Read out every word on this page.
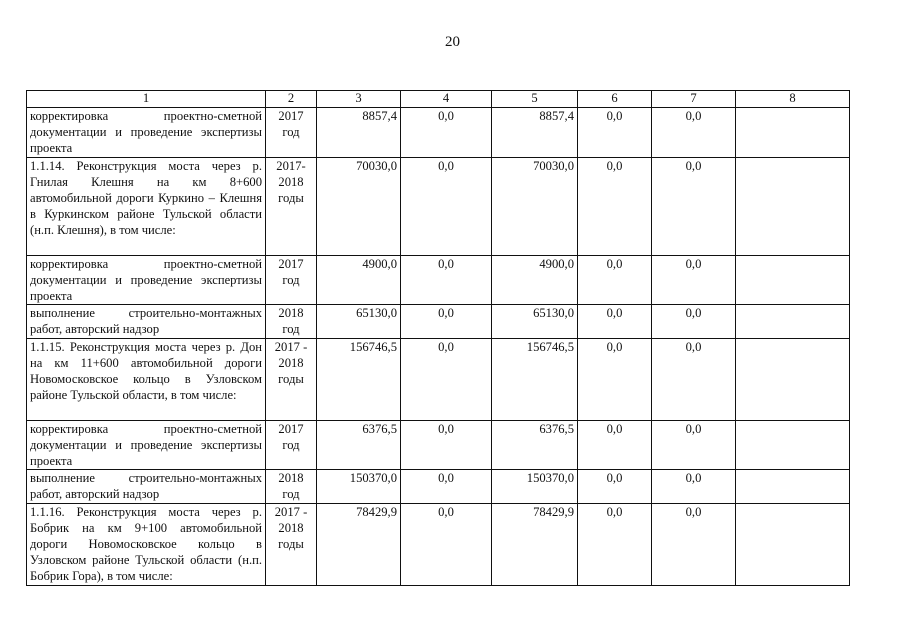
20
1	2	3	4	5	6	7	8
корректировка проектно-сметной документации и проведение экспертизы проекта	2017 год	8857,4	0,0	8857,4	0,0	0,0	
1.1.14. Реконструкция моста через р. Гнилая Клешня на км 8+600 автомобильной дороги Куркино – Клешня в Куркинском районе Тульской области (н.п. Клешня), в том числе:	2017-2018 годы	70030,0	0,0	70030,0	0,0	0,0	
корректировка проектно-сметной документации и проведение экспертизы проекта	2017 год	4900,0	0,0	4900,0	0,0	0,0	
выполнение строительно-монтажных работ, авторский надзор	2018 год	65130,0	0,0	65130,0	0,0	0,0	
1.1.15. Реконструкция моста через р. Дон на км 11+600 автомобильной дороги Новомосковское кольцо в Узловском районе Тульской области, в том числе:	2017 - 2018 годы	156746,5	0,0	156746,5	0,0	0,0	
корректировка проектно-сметной документации и проведение экспертизы проекта	2017 год	6376,5	0,0	6376,5	0,0	0,0	
выполнение строительно-монтажных работ, авторский надзор	2018 год	150370,0	0,0	150370,0	0,0	0,0	
1.1.16. Реконструкция моста через р. Бобрик на км 9+100 автомобильной дороги Новомосковское кольцо в Узловском районе Тульской области (н.п. Бобрик Гора), в том числе:	2017 - 2018 годы	78429,9	0,0	78429,9	0,0	0,0	
